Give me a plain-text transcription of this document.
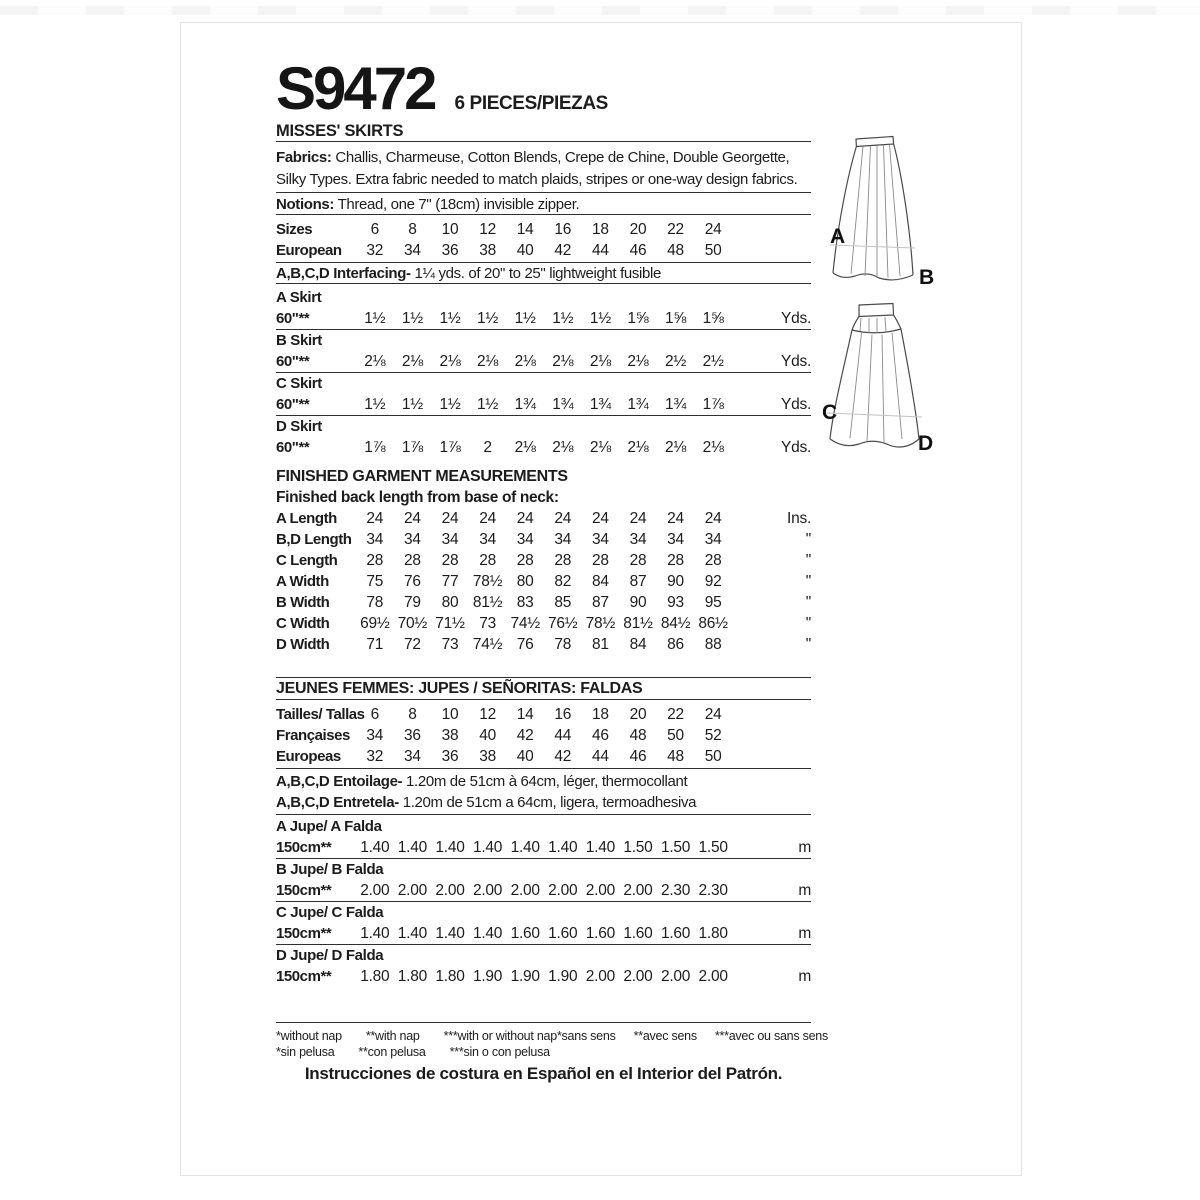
S9472 6 PIECES/PIEZAS
MISSES' SKIRTS
Fabrics: Challis, Charmeuse, Cotton Blends, Crepe de Chine, Double Georgette, Silky Types. Extra fabric needed to match plaids, stripes or one-way design fabrics.
Notions: Thread, one 7" (18cm) invisible zipper.
Sizes	6	8	10	12	14	16	18	20	22	24
European	32	34	36	38	40	42	44	46	48	50
A,B,C,D Interfacing- 1¼ yds. of 20" to 25" lightweight fusible
A Skirt
60"**	1½	1½	1½	1½	1½	1½	1½	1⅝	1⅝	1⅝	Yds.
B Skirt
60"**	2⅛	2⅛	2⅛	2⅛	2⅛	2⅛	2⅛	2⅛	2½	2½	Yds.
C Skirt
60"**	1½	1½	1½	1½	1¾	1¾	1¾	1¾	1¾	1⅞	Yds.
D Skirt
60"**	1⅞	1⅞	1⅞	2	2⅛	2⅛	2⅛	2⅛	2⅛	2⅛	Yds.
FINISHED GARMENT MEASUREMENTS
Finished back length from base of neck:
A Length	24	24	24	24	24	24	24	24	24	24	Ins.
B,D Length 34	34	34	34	34	34	34	34	34	34	"
C Length	28	28	28	28	28	28	28	28	28	28	"
A Width	75	76	77 78½ 80	82	84	87	90	92	"
B Width	78	79	80 81½ 83	85	87	90	93	95	"
C Width	69½ 70½ 71½ 73 74½ 76½ 78½ 81½ 84½ 86½	"
D Width	71	72	73 74½ 76	78	81	84	86	88	"
JEUNES FEMMES: JUPES / SEÑORITAS: FALDAS
Tailles/ Tallas 6	8	10	12	14	16	18	20	22	24
Françaises	34	36	38	40	42	44	46	48	50	52
Europeas	32	34	36	38	40	42	44	46	48	50
A,B,C,D Entoilage- 1.20m de 51cm à 64cm, léger, thermocollant
A,B,C,D Entretela- 1.20m de 51cm a 64cm, ligera, termoadhesiva
A Jupe/ A Falda
150cm**	1.40 1.40 1.40 1.40 1.40 1.40 1.40 1.50 1.50 1.50	m
B Jupe/ B Falda
150cm**	2.00 2.00 2.00 2.00 2.00 2.00 2.00 2.00 2.30 2.30	m
C Jupe/ C Falda
150cm**	1.40 1.40 1.40 1.40 1.60 1.60 1.60 1.60 1.60 1.80	m
D Jupe/ D Falda
150cm**	1.80 1.80 1.80 1.90 1.90 1.90 2.00 2.00 2.00 2.00	m
*without nap **with nap ***with or without nap *sans sens **avec sens ***avec ou sans sens
*sin pelusa **con pelusa ***sin o con pelusa
Instrucciones de costura en Español en el Interior del Patrón.
A
B
C
D
